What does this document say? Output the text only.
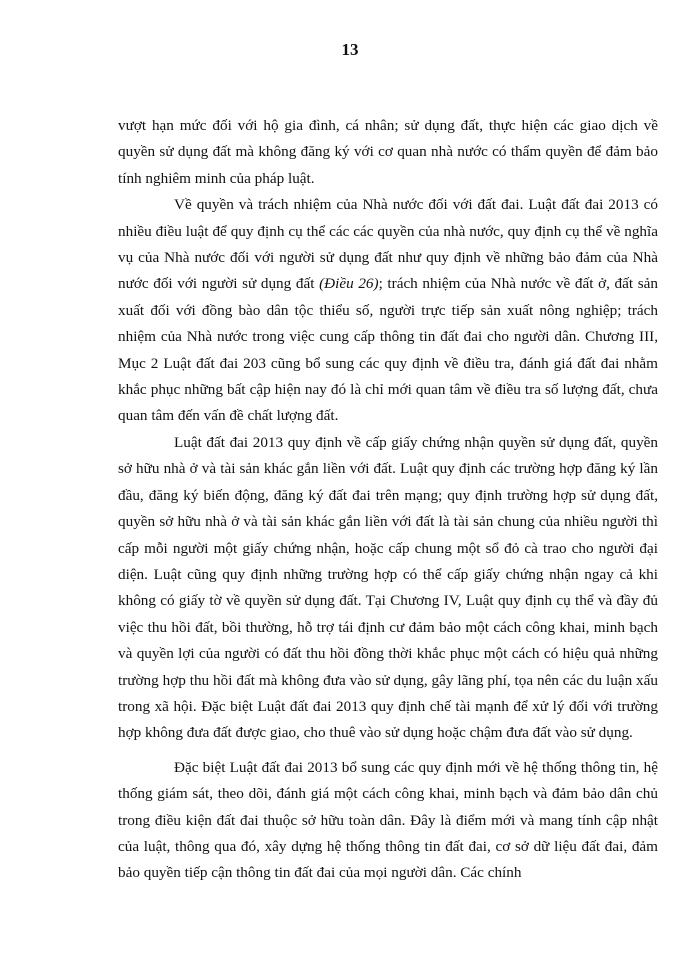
13

vượt hạn mức đối với hộ gia đình, cá nhân; sử dụng đất, thực hiện các giao dịch về quyền sử dụng đất mà không đăng ký với cơ quan nhà nước có thẩm quyền để đảm bảo tính nghiêm minh của pháp luật.

Về quyền và trách nhiệm của Nhà nước đối với đất đai. Luật đất đai 2013 có nhiều điều luật để quy định cụ thể các các quyền của nhà nước, quy định cụ thể về nghĩa vụ của Nhà nước đối với người sử dụng đất như quy định về những bảo đảm của Nhà nước đối với người sử dụng đất (Điều 26); trách nhiệm của Nhà nước về đất ở, đất sản xuất đối với đồng bào dân tộc thiểu số, người trực tiếp sản xuất nông nghiệp; trách nhiệm của Nhà nước trong việc cung cấp thông tin đất đai cho người dân. Chương III, Mục 2 Luật đất đai 203 cũng bổ sung các quy định về điều tra, đánh giá đất đai nhằm khắc phục những bất cập hiện nay đó là chỉ mới quan tâm về điều tra số lượng đất, chưa quan tâm đến vấn đề chất lượng đất.

Luật đất đai 2013 quy định về cấp giấy chứng nhận quyền sử dụng đất, quyền sở hữu nhà ở và tài sản khác gắn liền với đất. Luật quy định các trường hợp đăng ký lần đầu, đăng ký biến động, đăng ký đất đai trên mạng; quy định trường hợp sử dụng đất, quyền sở hữu nhà ở và tài sản khác gắn liền với đất là tài sản chung của nhiều người thì cấp mỗi người một giấy chứng nhận, hoặc cấp chung một sổ đỏ cà trao cho người đại diện. Luật cũng quy định những trường hợp có thể cấp giấy chứng nhận ngay cả khi không có giấy tờ về quyền sử dụng đất. Tại Chương IV, Luật quy định cụ thể và đầy đủ việc thu hồi đất, bồi thường, hỗ trợ tái định cư đảm bảo một cách công khai, minh bạch và quyền lợi của người có đất thu hồi đồng thời khắc phục một cách có hiệu quả những trường hợp thu hồi đất mà không đưa vào sử dụng, gây lãng phí, tọa nên các du luận xấu trong xã hội. Đặc biệt Luật đất đai 2013 quy định chế tài mạnh để xử lý đối với trường hợp không đưa đất được giao, cho thuê vào sử dụng hoặc chậm đưa đất vào sử dụng.

Đặc biệt Luật đất đai 2013 bổ sung các quy định mới về hệ thống thông tin, hệ thống giám sát, theo dõi, đánh giá một cách công khai, minh bạch và đảm bảo dân chủ trong điều kiện đất đai thuộc sở hữu toàn dân. Đây là điểm mới và mang tính cập nhật của luật, thông qua đó, xây dựng hệ thống thông tin đất đai, cơ sở dữ liệu đất đai, đảm bảo quyền tiếp cận thông tin đất đai của mọi người dân. Các chính
